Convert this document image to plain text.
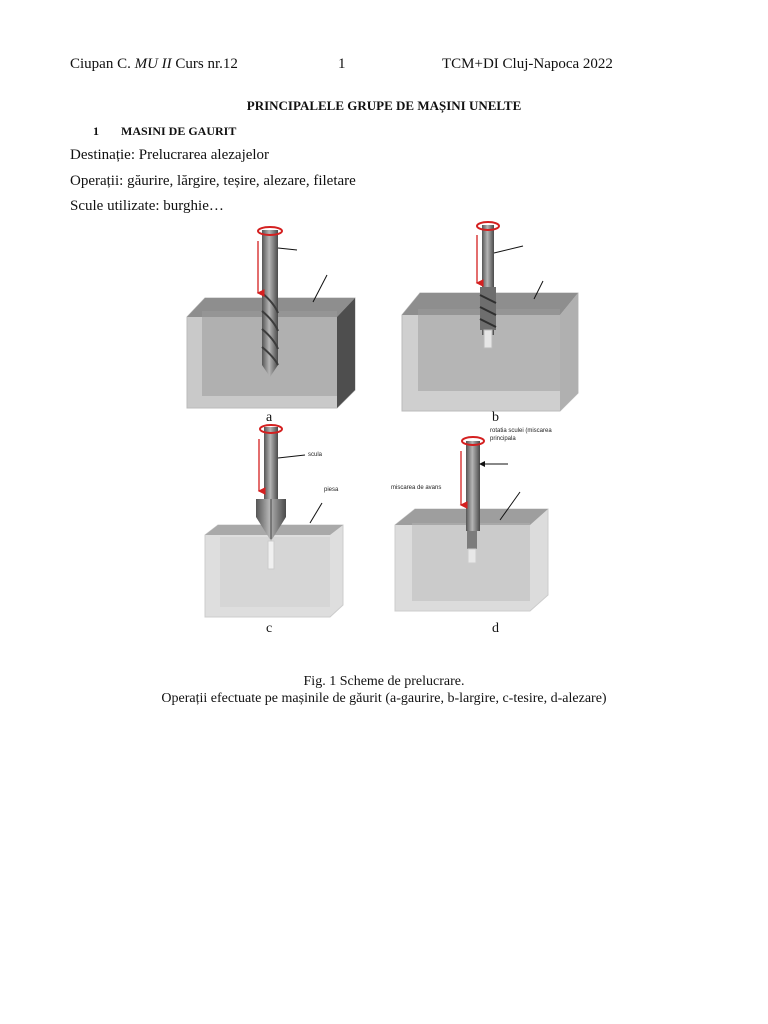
Ciupan C. MU II Curs nr.12	1	TCM+DI Cluj-Napoca 2022
PRINCIPALELE GRUPE DE MAȘINI UNELTE
1 MASINI DE GAURIT
Destinație: Prelucrarea alezajelor
Operații: găurire, lărgire, teșire, alezare, filetare
Scule utilizate: burghie…
scula
piesa
rotatia sculei (miscarea
principala
miscarea de avans
a	b
c	d
Fig. 1 Scheme de prelucrare.
Operații efectuate pe mașinile de găurit (a-gaurire, b-largire, c-tesire, d-alezare)
